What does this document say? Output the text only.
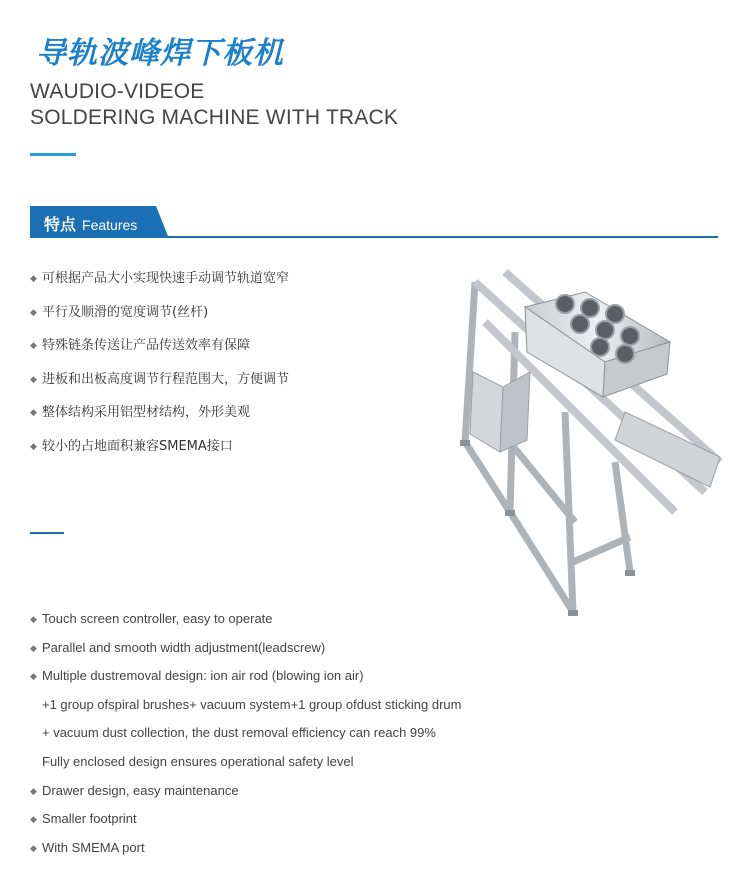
导轨波峰焊下板机
WAUDIO-VIDEOE
SOLDERING MACHINE WITH TRACK
特点 Features
◆ 可根据产品大小实现快速手动调节轨道宽窄
◆ 平行及顺滑的宽度调节(丝杆)
◆ 特殊链条传送让产品传送效率有保障
◆ 进板和出板高度调节行程范围大，方便调节
◆ 整体结构采用铝型材结构，外形美观
◆ 较小的占地面积兼容SMEMA接口
◆ Touch screen controller, easy to operate
◆ Parallel and smooth width adjustment(leadscrew)
◆ Multiple dustremoval design: ion air rod (blowing ion air)
+1 group ofspiral brushes+ vacuum system+1 group ofdust sticking drum
+ vacuum dust collection, the dust removal efficiency can reach 99%
Fully enclosed design ensures operational safety level
◆ Drawer design, easy maintenance
◆ Smaller footprint
◆ With SMEMA port
